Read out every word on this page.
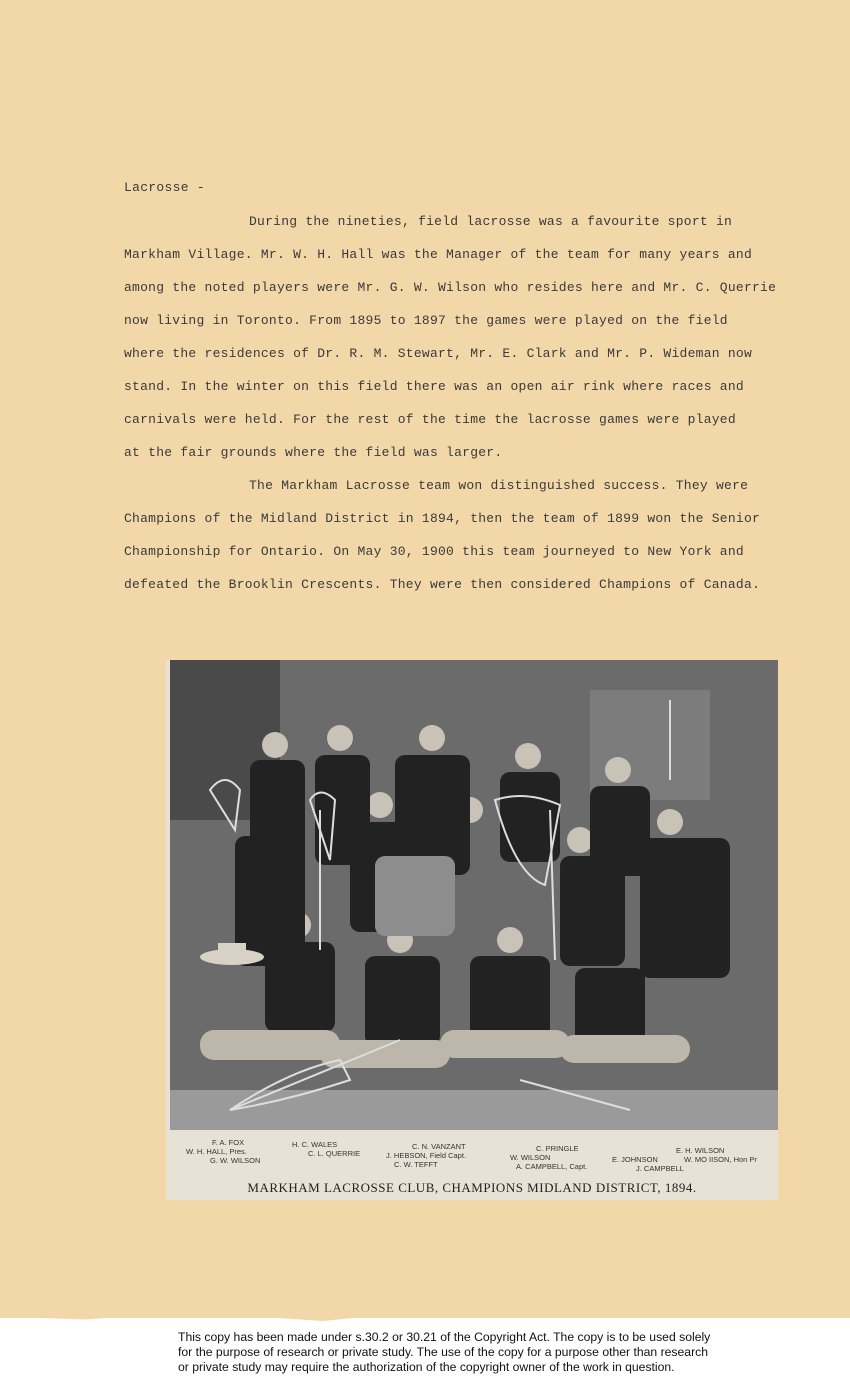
Lacrosse -
During the nineties, field lacrosse was a favourite sport in
Markham Village. Mr. W. H. Hall was the Manager of the team for many years and
among the noted players were Mr. G. W. Wilson who resides here and Mr. C. Querrie
now living in Toronto. From 1895 to 1897 the games were played on the field
where the residences of Dr. R. M. Stewart, Mr. E. Clark and Mr. P. Wideman now
stand. In the winter on this field there was an open air rink where races and
carnivals were held. For the rest of the time the lacrosse games were played
at the fair grounds where the field was larger.
The Markham Lacrosse team won distinguished success. They were
Champions of the Midland District in 1894, then the team of 1899 won the Senior
Championship for Ontario. On May 30, 1900 this team journeyed to New York and
defeated the Brooklin Crescents. They were then considered Champions of Canada.
F. A. FOX
W. H. HALL, Pres.
G. W. WILSON
H. C. WALES
C. L. QUERRIE
C. N. VANZANT
J. HEBSON, Field Capt.
C. W. TEFFT
C. PRINGLE
W. WILSON
A. CAMPBELL, Capt.
E. H. WILSON
E. JOHNSON
J. CAMPBELL
W. MO IISON, Hon Pr
MARKHAM LACROSSE CLUB, CHAMPIONS MIDLAND DISTRICT, 1894.
This copy has been made under s.30.2 or 30.21 of the Copyright Act. The copy is to be used solely
for the purpose of research or private study. The use of the copy for a purpose other than research
or private study may require the authorization of the copyright owner of the work in question.
